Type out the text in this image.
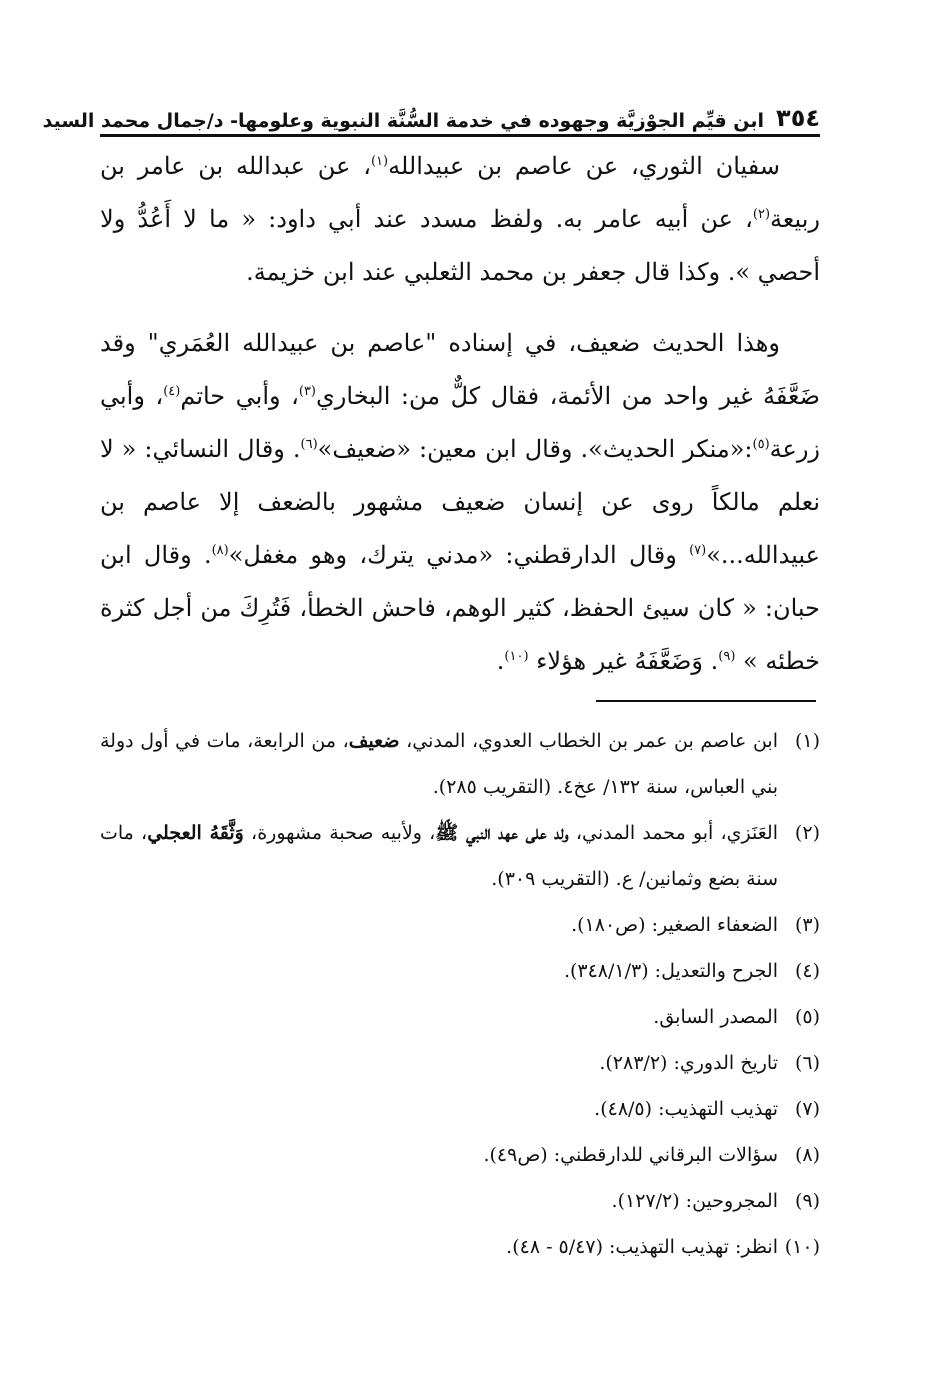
٣٥٤
ابن قيِّم الجوْزيَّة وجهوده في خدمة السُّنَّة النبوية وعلومها- د/جمال محمد السيد

سفيان الثوري، عن عاصم بن عبيدالله$^{(١)}$، عن عبدالله بن عامر بن ربيعة$^{(٢)}$، عن أبيه عامر به. ولفظ مسدد عند أبي داود: « ما لا أَعُدُّ ولا أحصي ». وكذا قال جعفر بن محمد الثعلبي عند ابن خزيمة.

وهذا الحديث ضعيف، في إسناده "عاصم بن عبيدالله العُمَري" وقد ضَعَّفَهُ غير واحد من الأئمة، فقال كلٌّ من: البخاري$^{(٣)}$، وأبي حاتم$^{(٤)}$، وأبي زرعة$^{(٥)}$:«منكر الحديث». وقال ابن معين: «ضعيف»$^{(٦)}$. وقال النسائي: « لا نعلم مالكاً روى عن إنسان ضعيف مشهور بالضعف إلا عاصم بن عبيدالله...»$^{(٧)}$ وقال الدارقطني: «مدني يترك، وهو مغفل»$^{(٨)}$. وقال ابن حبان: « كان سيئ الحفظ، كثير الوهم، فاحش الخطأ، فَتُرِكَ من أجل كثرة خطئه » $^{(٩)}$. وَضَعَّفَهُ غير هؤلاء $^{(١٠)}$.

(١)ابن عاصم بن عمر بن الخطاب العدوي، المدني، ضعيف، من الرابعة، مات في أول دولة بني العباس، سنة ١٣٢/ عخ٤. (التقريب ٢٨٥).

(٢)العَنَزي، أبو محمد المدني، ولد على عهد النبي ﷺ، ولأبيه صحبة مشهورة، وَثَّقَهُ العجلي، مات سنة بضع وثمانين/ ع. (التقريب ٣٠٩).

(٣)الضعفاء الصغير: (ص١٨٠).

(٤)الجرح والتعديل: (٣٤٨/١/٣).

(٥)المصدر السابق.

(٦)تاريخ الدوري: (٢٨٣/٢).

(٧)تهذيب التهذيب: (٤٨/٥).

(٨)سؤالات البرقاني للدارقطني: (ص٤٩).

(٩)المجروحين: (١٢٧/٢).

(١٠)انظر: تهذيب التهذيب: (٥/٤٧ - ٤٨).
